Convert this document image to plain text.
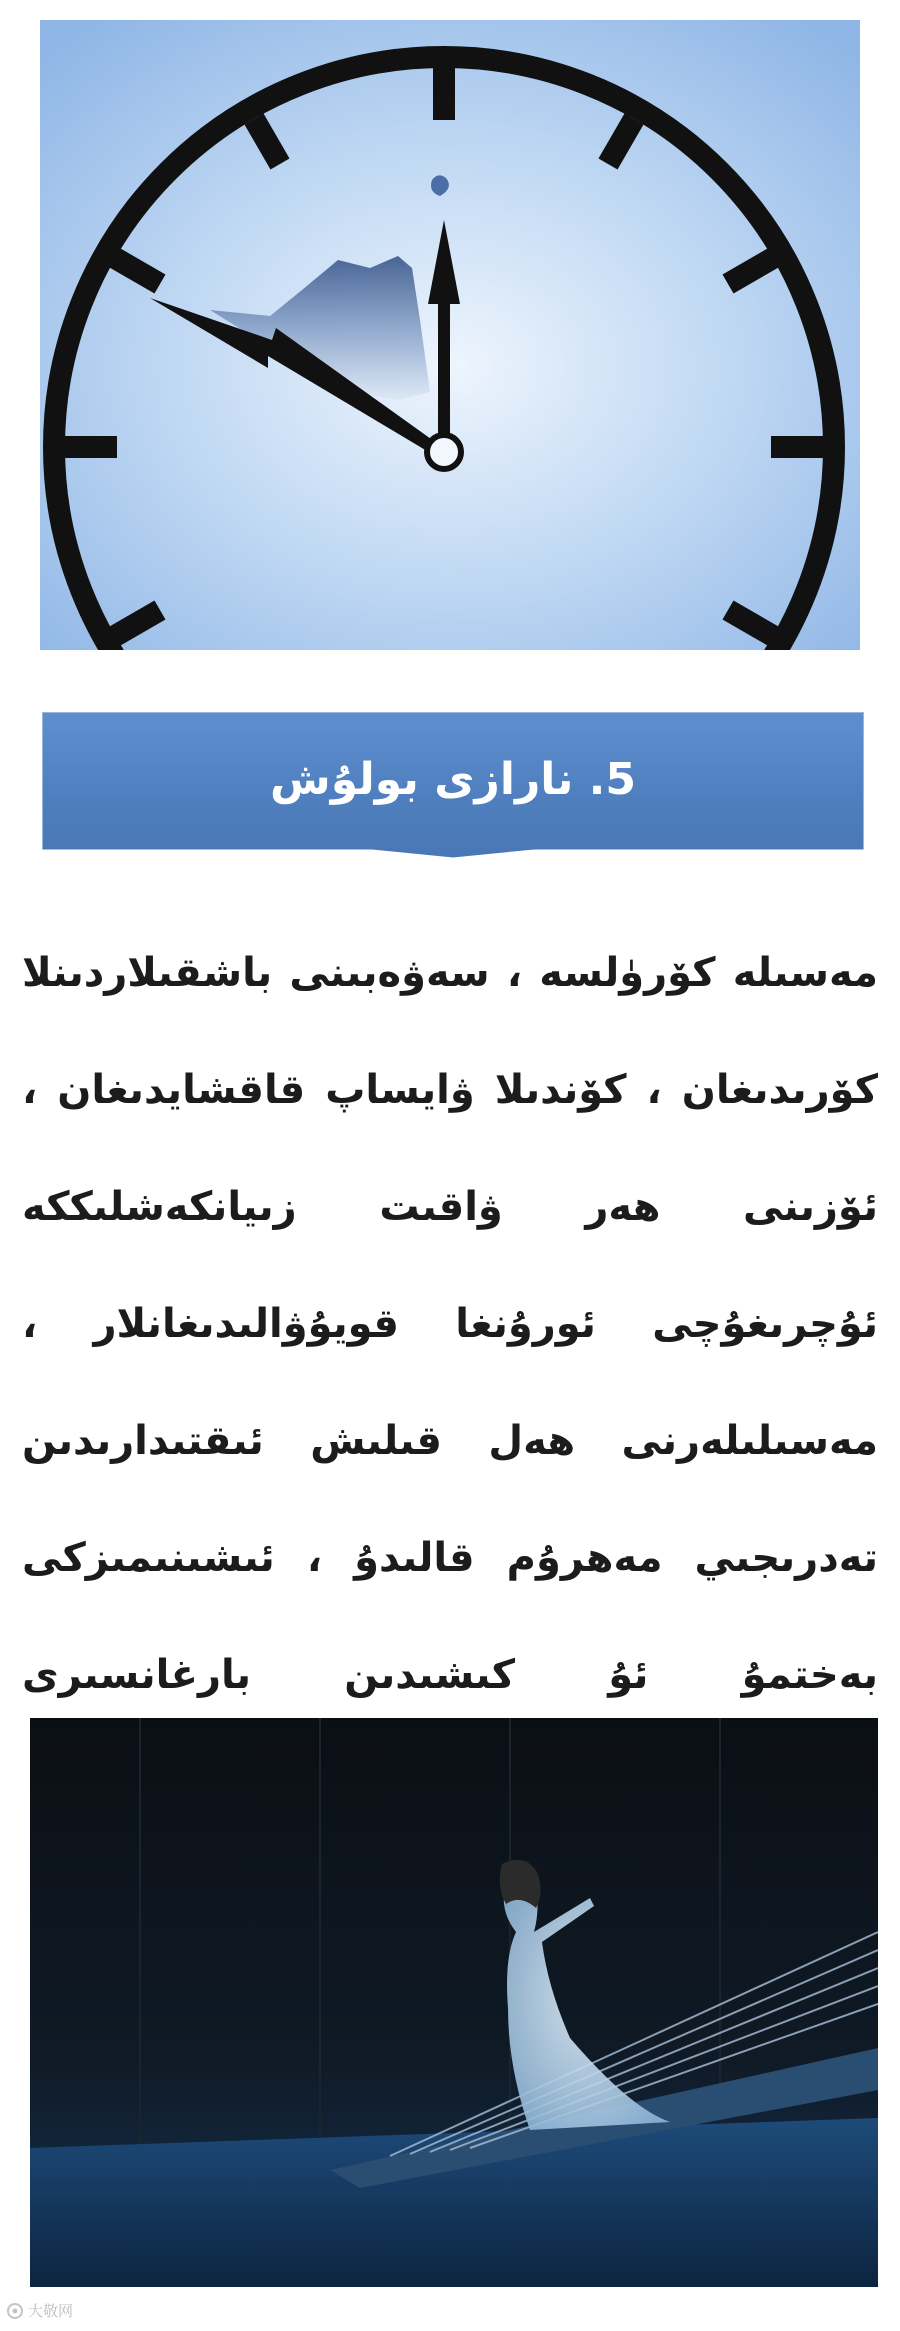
5. نارازى بولۇش
مەسىلە كۆرۈلسە ، سەۋەبىنى باشقىلاردىنلا كۆرىدىغان ، كۆندىلا ۋايساپ قاقشايدىغان ، ئۆزىنى ھەر ۋاقىت زىيانكەشلىككە ئۇچرىغۇچى ئورۇنغا قويۇۋالىدىغانلار ، مەسىلىلەرنى ھەل قىلىش ئىقتىدارىدىن تەدرىجىي مەھرۇم قالىدۇ ، ئىشىنىمىزكى بەختمۇ ئۇ كىشىدىن بارغانسىرى
大敬网
